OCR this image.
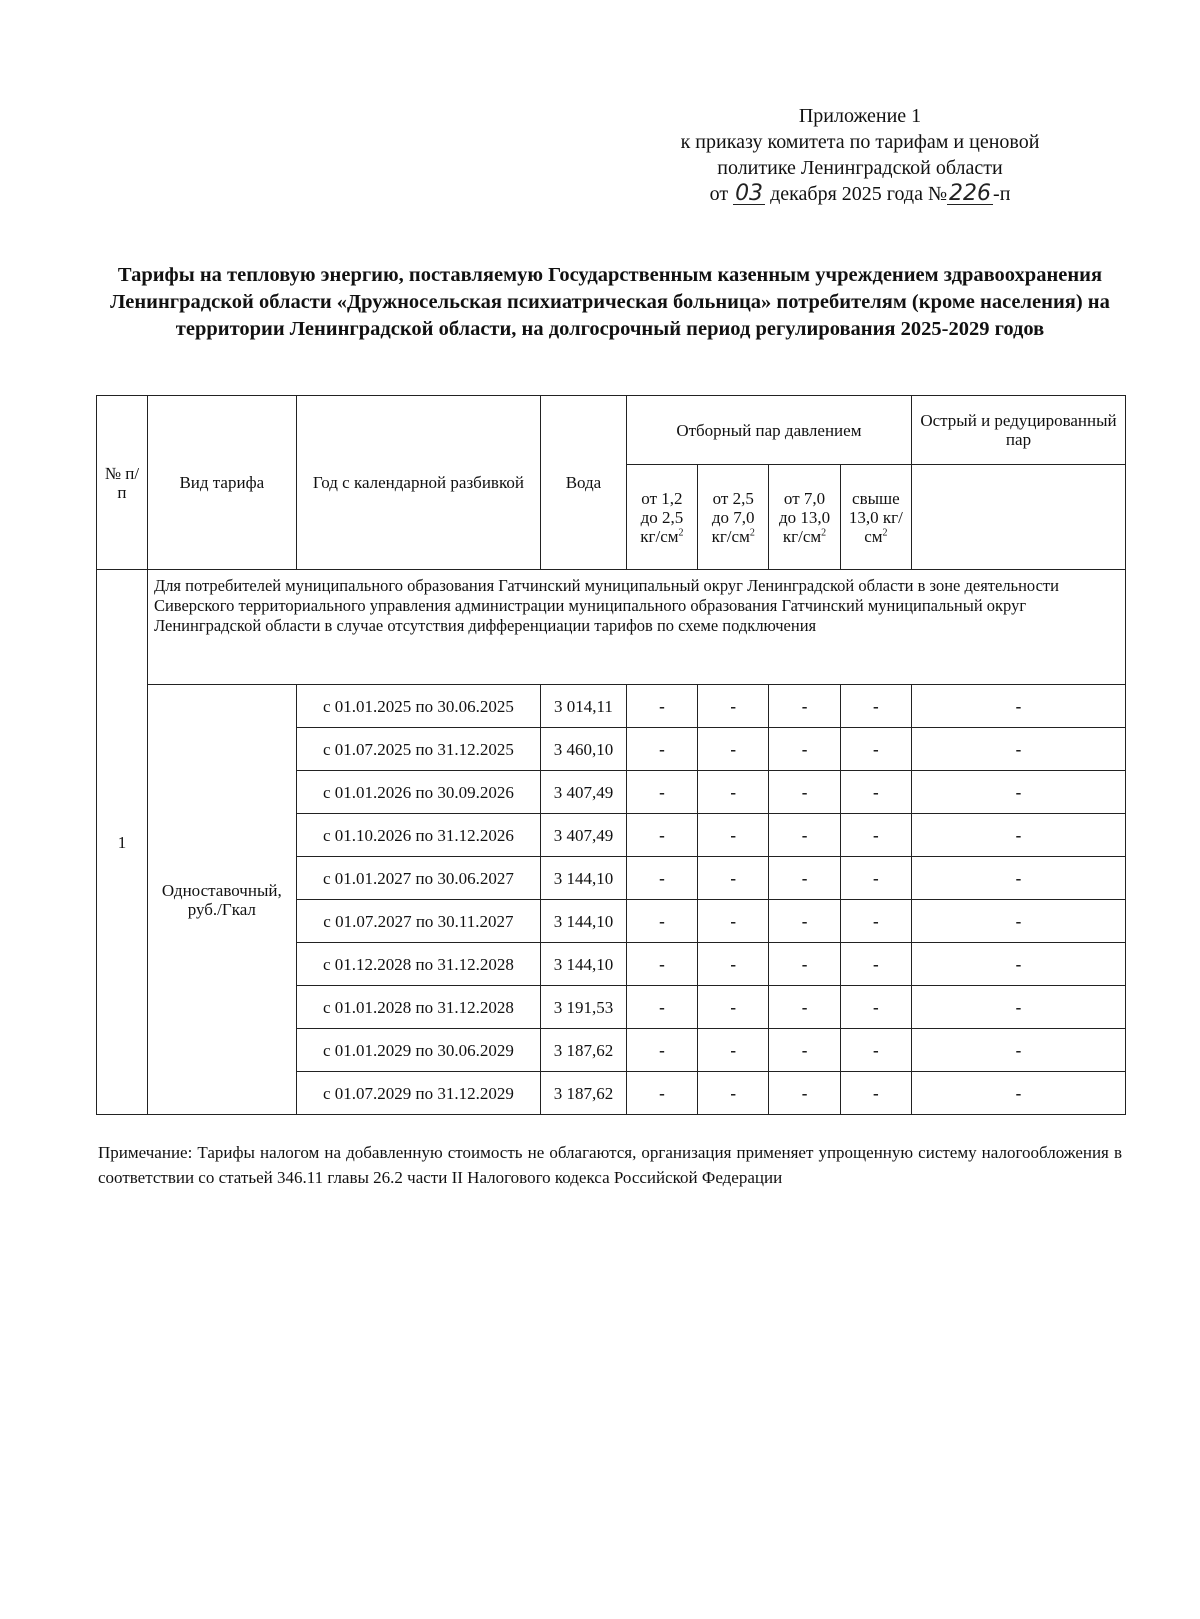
Приложение 1
к приказу комитета по тарифам и ценовой
политике Ленинградской области
от 03 декабря 2025 года №226 -п
Тарифы на тепловую энергию, поставляемую Государственным казенным учреждением здравоохранения Ленинградской области «Дружносельская психиатрическая больница» потребителям (кроме населения) на территории Ленинградской области, на долгосрочный период регулирования 2025-2029 годов
№ п/п	Вид тарифа	Год с календарной разбивкой	Вода	Отборный пар давлением				Острый и редуцированный пар
				от 1,2 до 2,5 $кг/см^2$	от 2,5 до 7,0 $кг/см^2$	от 7,0 до 13,0 $кг/см^2$	свыше 13,0 $кг/см^2$	
1	Для потребителей муниципального образования Гатчинский муниципальный округ Ленинградской области в зоне деятельности Сиверского территориального управления администрации муниципального образования Гатчинский муниципальный округ Ленинградской области в случае отсутствия дифференциации тарифов по схеме подключения							
	Одноставочный, руб./Гкал	с 01.01.2025 по 30.06.2025	3 014,11	-	-	-	-	-
		с 01.07.2025 по 31.12.2025	3 460,10	-	-	-	-	-
		с 01.01.2026 по 30.09.2026	3 407,49	-	-	-	-	-
		с 01.10.2026 по 31.12.2026	3 407,49	-	-	-	-	-
		с 01.01.2027 по 30.06.2027	3 144,10	-	-	-	-	-
		с 01.07.2027 по 30.11.2027	3 144,10	-	-	-	-	-
		с 01.12.2028 по 31.12.2028	3 144,10	-	-	-	-	-
		с 01.01.2028 по 31.12.2028	3 191,53	-	-	-	-	-
		с 01.01.2029 по 30.06.2029	3 187,62	-	-	-	-	-
		с 01.07.2029 по 31.12.2029	3 187,62	-	-	-	-	-
Примечание: Тарифы налогом на добавленную стоимость не облагаются, организация применяет упрощенную систему налогообложения в соответствии со статьей 346.11 главы 26.2 части II Налогового кодекса Российской Федерации
